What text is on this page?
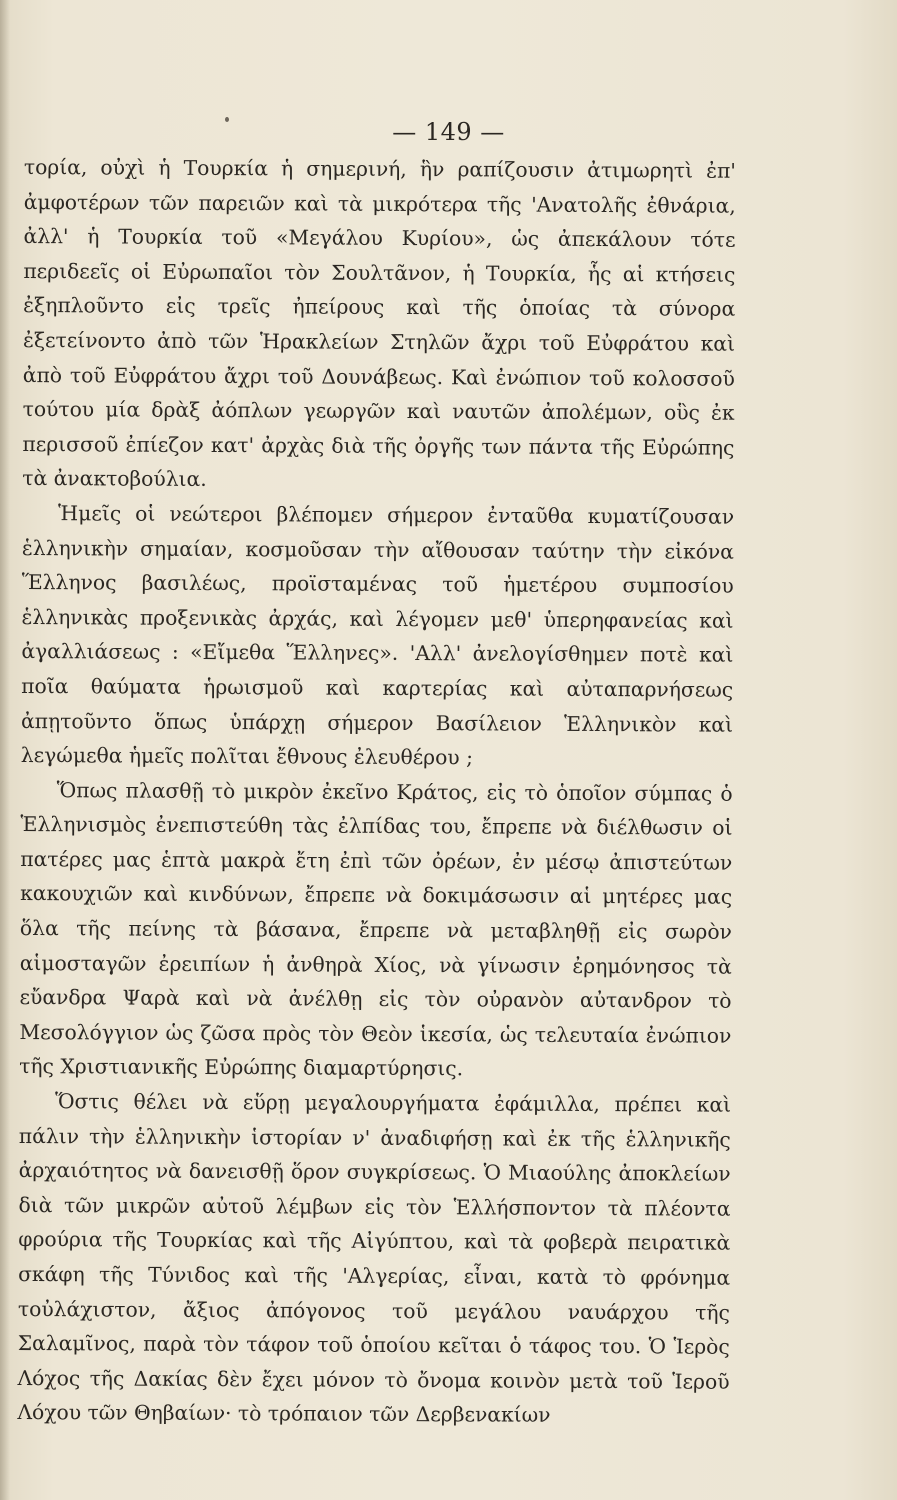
— 149 —

τορία, οὐχὶ ἡ Τουρκία ἡ σημερινή, ἣν ραπίζουσιν ἀτιμωρητὶ ἐπ' ἀμφοτέρων τῶν παρειῶν καὶ τὰ μικρότερα τῆς 'Ανατολῆς ἐθνάρια, ἀλλ' ἡ Τουρκία τοῦ «Μεγάλου Κυρίου», ὡς ἀπεκάλουν τότε περιδεεῖς οἱ Εὐρωπαῖοι τὸν Σουλτᾶνον, ἡ Τουρκία, ἧς αἱ κτήσεις ἐξηπλοῦντο εἰς τρεῖς ἠπείρους καὶ τῆς ὁποίας τὰ σύνορα ἐξετείνοντο ἀπὸ τῶν Ἡρακλείων Στηλῶν ἄχρι τοῦ Εὐφράτου καὶ ἀπὸ τοῦ Εὐφράτου ἄχρι τοῦ Δουνάβεως. Καὶ ἐνώπιον τοῦ κολοσσοῦ τούτου μία δρὰξ ἀόπλων γεωργῶν καὶ ναυτῶν ἀπολέμων, οὓς ἐκ περισσοῦ ἐπίεζον κατ' ἀρχὰς διὰ τῆς ὀργῆς των πάντα τῆς Εὐρώπης τὰ ἀνακτοβούλια.

Ἡμεῖς οἱ νεώτεροι βλέπομεν σήμερον ἐνταῦθα κυματίζουσαν ἑλληνικὴν σημαίαν, κοσμοῦσαν τὴν αἴθουσαν ταύτην τὴν εἰκόνα Ἕλληνος βασιλέως, προϊσταμένας τοῦ ἡμετέρου συμποσίου ἑλληνικὰς προξενικὰς ἀρχάς, καὶ λέγομεν μεθ' ὑπερηφανείας καὶ ἀγαλλιάσεως : «Εἴμεθα Ἕλληνες». 'Αλλ' ἀνελογίσθημεν ποτὲ καὶ ποῖα θαύματα ἡρωισμοῦ καὶ καρτερίας καὶ αὐταπαρνήσεως ἀπῃτοῦντο ὅπως ὑπάρχῃ σήμερον Βασίλειον Ἑλληνικὸν καὶ λεγώμεθα ἡμεῖς πολῖται ἔθνους ἐλευθέρου ;

Ὅπως πλασθῇ τὸ μικρὸν ἐκεῖνο Κράτος, εἰς τὸ ὁποῖον σύμπας ὁ Ἑλληνισμὸς ἐνεπιστεύθη τὰς ἐλπίδας του, ἔπρεπε νὰ διέλθωσιν οἱ πατέρες μας ἑπτὰ μακρὰ ἔτη ἐπὶ τῶν ὀρέων, ἐν μέσῳ ἀπιστεύτων κακουχιῶν καὶ κινδύνων, ἔπρεπε νὰ δοκιμάσωσιν αἱ μητέρες μας ὅλα τῆς πείνης τὰ βάσανα, ἔπρεπε νὰ μεταβληθῇ εἰς σωρὸν αἱμοσταγῶν ἐρειπίων ἡ ἀνθηρὰ Χίος, νὰ γίνωσιν ἐρημόνησος τὰ εὔανδρα Ψαρὰ καὶ νὰ ἀνέλθῃ εἰς τὸν οὐρανὸν αὐτανδρον τὸ Μεσολόγγιον ὡς ζῶσα πρὸς τὸν Θεὸν ἱκεσία, ὡς τελευταία ἐνώπιον τῆς Χριστιανικῆς Εὐρώπης διαμαρτύρησις.

Ὅστις θέλει νὰ εὕρῃ μεγαλουργήματα ἐφάμιλλα, πρέπει καὶ πάλιν τὴν ἑλληνικὴν ἱστορίαν ν' ἀναδιφήσῃ καὶ ἐκ τῆς ἑλληνικῆς ἀρχαιότητος νὰ δανεισθῇ ὅρον συγκρίσεως. Ὁ Μιαούλης ἀποκλείων διὰ τῶν μικρῶν αὐτοῦ λέμβων εἰς τὸν Ἑλλήσποντον τὰ πλέοντα φρούρια τῆς Τουρκίας καὶ τῆς Αἰγύπτου, καὶ τὰ φοβερὰ πειρατικὰ σκάφη τῆς Τύνιδος καὶ τῆς 'Αλγερίας, εἶναι, κατὰ τὸ φρόνημα τοὐλάχιστον, ἄξιος ἀπόγονος τοῦ μεγάλου ναυάρχου τῆς Σαλαμῖνος, παρὰ τὸν τάφον τοῦ ὁποίου κεῖται ὁ τάφος του. Ὁ Ἱερὸς Λόχος τῆς Δακίας δὲν ἔχει μόνον τὸ ὄνομα κοινὸν μετὰ τοῦ Ἱεροῦ Λόχου τῶν Θηβαίων· τὸ τρόπαιον τῶν Δερβενακίων
